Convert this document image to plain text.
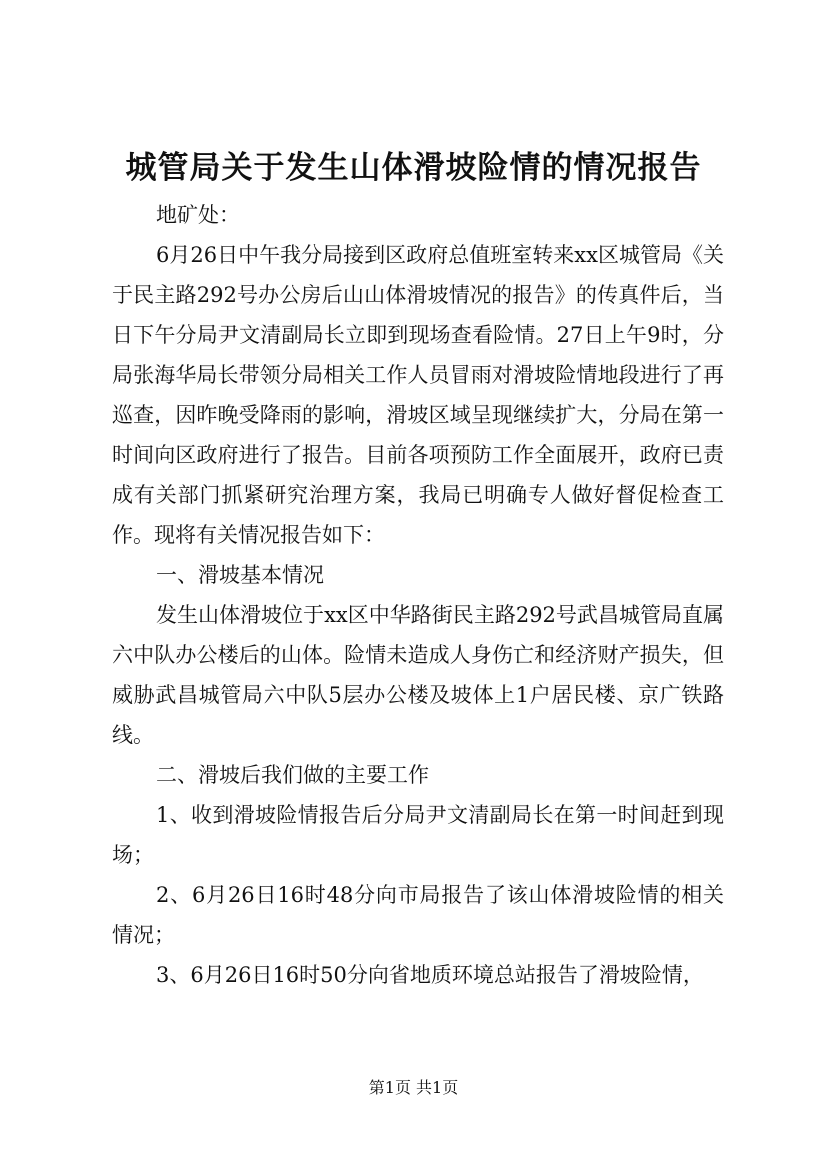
城管局关于发生山体滑坡险情的情况报告

地矿处：

6月26日中午我分局接到区政府总值班室转来xx区城管局《关于民主路292号办公房后山山体滑坡情况的报告》的传真件后，当日下午分局尹文清副局长立即到现场查看险情。27日上午9时，分局张海华局长带领分局相关工作人员冒雨对滑坡险情地段进行了再巡查，因昨晚受降雨的影响，滑坡区域呈现继续扩大，分局在第一时间向区政府进行了报告。目前各项预防工作全面展开，政府已责成有关部门抓紧研究治理方案，我局已明确专人做好督促检查工作。现将有关情况报告如下：

一、滑坡基本情况

发生山体滑坡位于xx区中华路街民主路292号武昌城管局直属六中队办公楼后的山体。险情未造成人身伤亡和经济财产损失，但威胁武昌城管局六中队5层办公楼及坡体上1户居民楼、京广铁路线。

二、滑坡后我们做的主要工作

1、收到滑坡险情报告后分局尹文清副局长在第一时间赶到现场；

2、6月26日16时48分向市局报告了该山体滑坡险情的相关情况；

3、6月26日16时50分向省地质环境总站报告了滑坡险情，

第1页 共1页
